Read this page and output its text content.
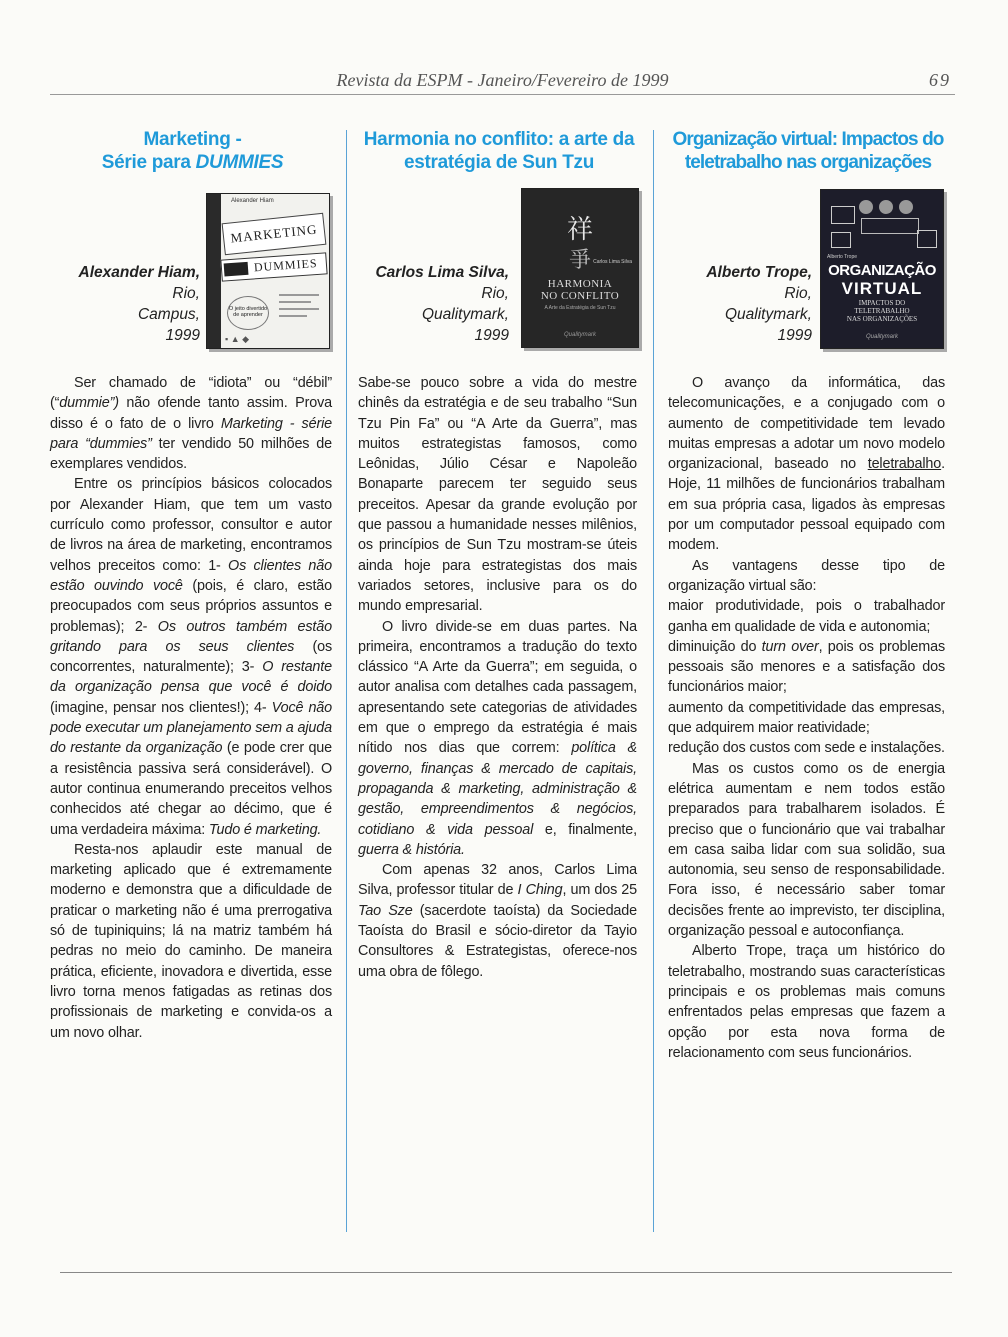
Revista da ESPM - Janeiro/Fevereiro de 1999	69
Marketing -
Série para DUMMIES
Alexander Hiam,
Rio,
Campus,
1999
Alexander Hiam
MARKETING

DUMMIES
O jeito divertido de aprender
▪ ▲ ◆

Ser chamado de “idiota” ou “débil” (“dummie”) não ofende tanto assim. Prova disso é o fato de o livro Marketing - série para “dummies” ter vendido 50 milhões de exemplares vendidos.

Entre os princípios básicos colocados por Alexander Hiam, que tem um vasto currículo como professor, consultor e autor de livros na área de marketing, encontramos velhos preceitos como: 1- Os clientes não estão ouvindo você (pois, é claro, estão preocupados com seus próprios assuntos e problemas); 2- Os outros também estão gritando para os seus clientes (os concorrentes, naturalmente); 3- O restante da organização pensa que você é doido (imagine, pensar nos clientes!); 4- Você não pode executar um planejamento sem a ajuda do restante da organização (e pode crer que a resistência passiva será considerável). O autor continua enumerando preceitos velhos conhecidos até chegar ao décimo, que é uma verdadeira máxima: Tudo é marketing.

Resta-nos aplaudir este manual de marketing aplicado que é extremamente moderno e demonstra que a dificuldade de praticar o marketing não é uma prerrogativa só de tupiniquins; lá na matriz também há pedras no meio do caminho. De maneira prática, eficiente, inovadora e divertida, esse livro torna menos fatigadas as retinas dos profissionais de marketing e convida-os a um novo olhar.

Harmonia no conflito: a arte da
estratégia de Sun Tzu
Carlos Lima Silva,
Rio,
Qualitymark,
1999
祥
爭 Carlos Lima Silva
HARMONIA
NO CONFLITO
A Arte da Estratégia de Sun Tzu
Qualitymark

Sabe-se pouco sobre a vida do mestre chinês da estratégia e de seu trabalho “Sun Tzu Pin Fa” ou “A Arte da Guerra”, mas muitos estrategistas famosos, como Leônidas, Júlio César e Napoleão Bonaparte parecem ter seguido seus preceitos. Apesar da grande evolução por que passou a humanidade nesses milênios, os princípios de Sun Tzu mostram-se úteis ainda hoje para estrategistas dos mais variados setores, inclusive para os do mundo empresarial.

O livro divide-se em duas partes. Na primeira, encontramos a tradução do texto clássico “A Arte da Guerra”; em seguida, o autor analisa com detalhes cada passagem, apresentando sete categorias de atividades em que o emprego da estratégia é mais nítido nos dias que correm: política & governo, finanças & mercado de capitais, propaganda & marketing, administração & gestão, empreendimentos & negócios, cotidiano & vida pessoal e, finalmente, guerra & história.

Com apenas 32 anos, Carlos Lima Silva, professor titular de I Ching, um dos 25 Tao Sze (sacerdote taoísta) da Sociedade Taoísta do Brasil e sócio-diretor da Tayio Consultores & Estrategistas, oferece-nos uma obra de fôlego.

Organização virtual: Impactos do
teletrabalho nas organizações
Alberto Trope,
Rio,
Qualitymark,
1999
Alberto Trope
ORGANIZAÇÃO
VIRTUAL
IMPACTOS DO
TELETRABALHO
NAS ORGANIZAÇÕES
Qualitymark

O avanço da informática, das telecomunicações, e a conjugado com o aumento de competitividade tem levado muitas empresas a adotar um novo modelo organizacional, baseado no teletrabalho. Hoje, 11 milhões de funcionários trabalham em sua própria casa, ligados às empresas por um computador pessoal equipado com modem.

As vantagens desse tipo de organização virtual são:

maior produtividade, pois o trabalhador ganha em qualidade de vida e autonomia;

diminuição do turn over, pois os problemas pessoais são menores e a satisfação dos funcionários maior;

aumento da competitividade das empresas, que adquirem maior reatividade;

redução dos custos com sede e instalações.

Mas os custos como os de energia elétrica aumentam e nem todos estão preparados para trabalharem isolados. É preciso que o funcionário que vai trabalhar em casa saiba lidar com sua solidão, sua autonomia, seu senso de responsabilidade. Fora isso, é necessário saber tomar decisões frente ao imprevisto, ter disciplina, organização pessoal e autoconfiança.

Alberto Trope, traça um histórico do teletrabalho, mostrando suas características principais e os problemas mais comuns enfrentados pelas empresas que fazem a opção por esta nova forma de relacionamento com seus funcionários.
